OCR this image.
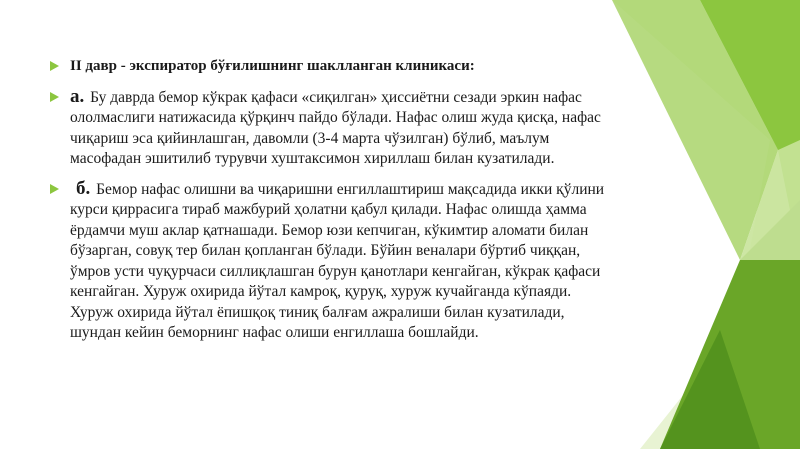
II давр - экспиратор бўғилишнинг шаклланган клиникаси:
a. Бу даврда бемор кўкрак қафаси «сиқилган» ҳиссиётни сезади эркин нафас ололмаслиги натижасида қўрқинч пайдо бўлади. Нафас олиш жуда қисқа, нафас чиқариш эса қийинлашган, давомли (3-4 марта чўзилган) бўлиб, маълум масофадан эшитилиб турувчи хуштаксимон хириллаш билан кузатилади.
б. Бемор нафас олишни ва чиқаришни енгиллаштириш мақсадида икки қўлини курси қиррасига тираб мажбурий ҳолатни қабул қилади. Нафас олишда ҳамма ёрдамчи муш аклар қатнашади. Бемор юзи кепчиган, кўкимтир аломати билан бўзарган, совуқ тер билан қопланган бўлади. Бўйин веналари бўртиб чиққан, ўмров усти чуқурчаси силлиқлашган бурун қанотлари кенгайган, кўкрак қафаси кенгайган. Хуруж охирида йўтал камроқ, қуруқ, хуруж кучайганда кўпаяди. Хуруж охирида йўтал ёпишқоқ тиниқ балғам ажралиши билан кузатилади, шундан кейин беморнинг нафас олиши енгиллаша бошлайди.
